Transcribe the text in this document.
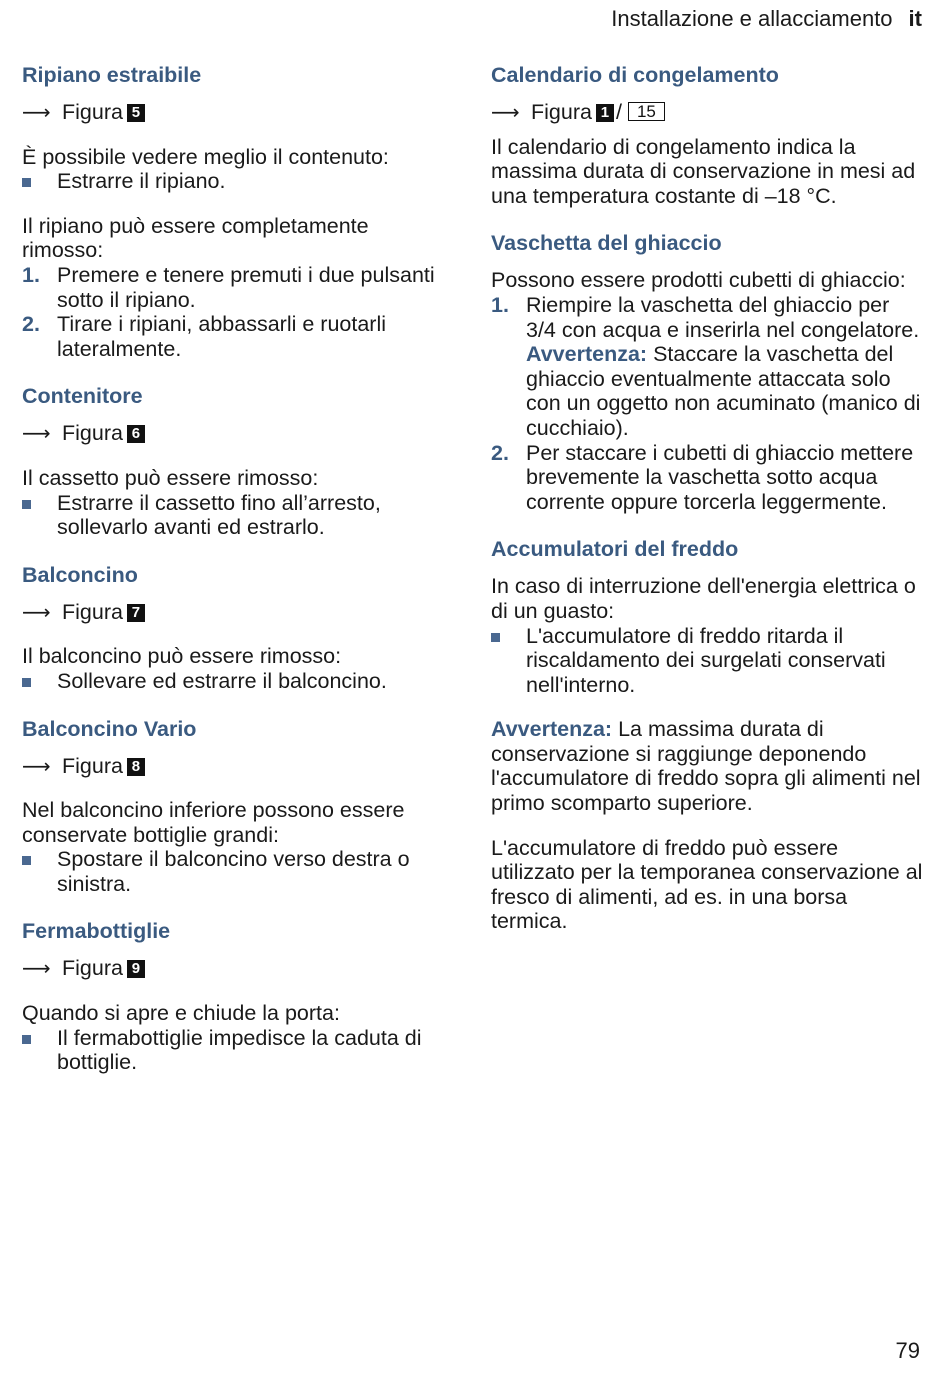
Installazione e allacciamento it
Ripiano estraibile
⟶ Figura 5

È possibile vedere meglio il contenuto:

Estrarre il ripiano.

Il ripiano può essere completamente rimosso:

1. Premere e tenere premuti i due pulsanti sotto il ripiano.
2. Tirare i ripiani, abbassarli e ruotarli lateralmente.
Contenitore
⟶ Figura 6

Il cassetto può essere rimosso:

Estrarre il cassetto fino all’arresto, sollevarlo avanti ed estrarlo.
Balconcino
⟶ Figura 7

Il balconcino può essere rimosso:

Sollevare ed estrarre il balconcino.
Balconcino Vario
⟶ Figura 8

Nel balconcino inferiore possono essere conservate bottiglie grandi:

Spostare il balconcino verso destra o sinistra.
Fermabottiglie
⟶ Figura 9

Quando si apre e chiude la porta:

Il fermabottiglie impedisce la caduta di bottiglie.
Calendario di congelamento
⟶ Figura 1 / 15

Il calendario di congelamento indica la massima durata di conservazione in mesi ad una temperatura costante di –18 °C.

Vaschetta del ghiaccio

Possono essere prodotti cubetti di ghiaccio:

1. Riempire la vaschetta del ghiaccio per 3/4 con acqua e inserirla nel congelatore.
Avvertenza: Staccare la vaschetta del ghiaccio eventualmente attaccata solo con un oggetto non acuminato (manico di cucchiaio).
2. Per staccare i cubetti di ghiaccio mettere brevemente la vaschetta sotto acqua corrente oppure torcerla leggermente.
Accumulatori del freddo

In caso di interruzione dell'energia elettrica o di un guasto:

L'accumulatore di freddo ritarda il riscaldamento dei surgelati conservati nell'interno.

Avvertenza: La massima durata di conservazione si raggiunge deponendo l'accumulatore di freddo sopra gli alimenti nel primo scomparto superiore.

L'accumulatore di freddo può essere utilizzato per la temporanea conservazione al fresco di alimenti, ad es. in una borsa termica.

79
